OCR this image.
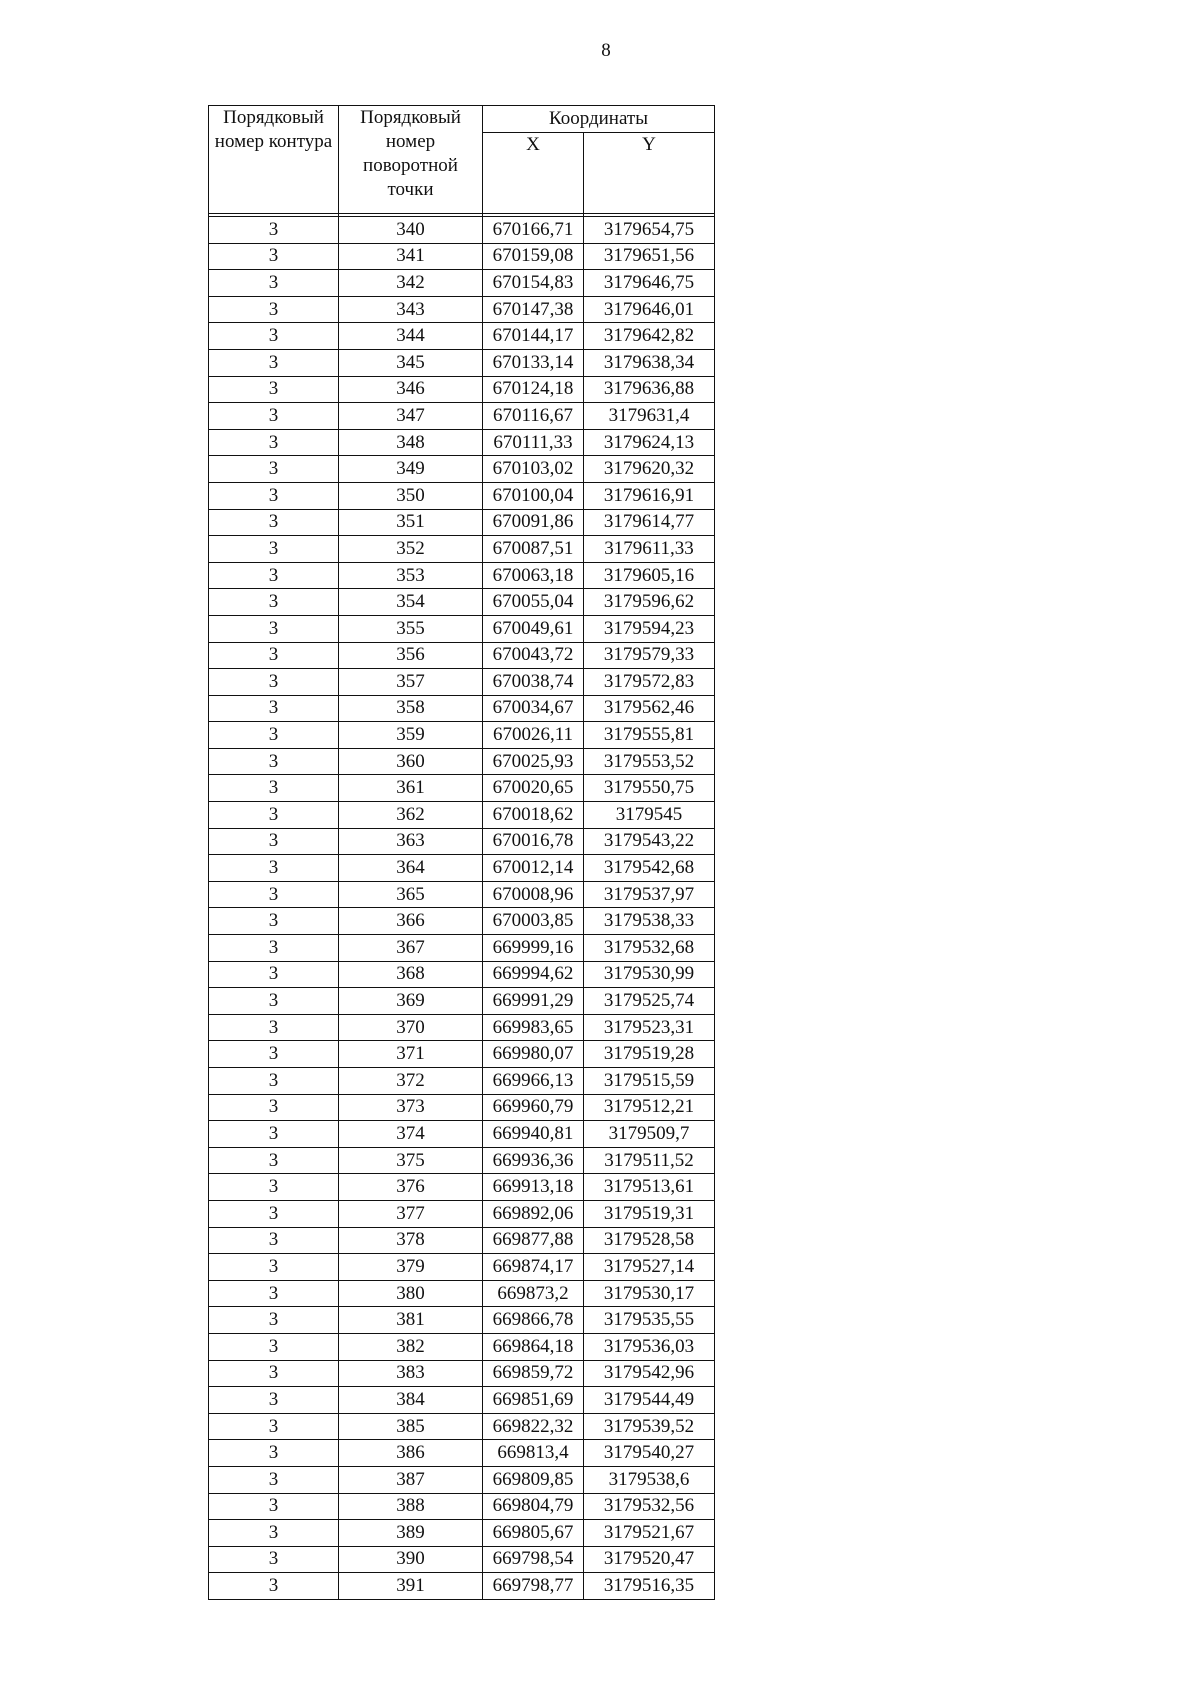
8
Порядковый номер контура	Порядковый номер поворотной точки	Координаты	
		X	Y

3	340	670166,71	3179654,75
3	341	670159,08	3179651,56
3	342	670154,83	3179646,75
3	343	670147,38	3179646,01
3	344	670144,17	3179642,82
3	345	670133,14	3179638,34
3	346	670124,18	3179636,88
3	347	670116,67	3179631,4
3	348	670111,33	3179624,13
3	349	670103,02	3179620,32
3	350	670100,04	3179616,91
3	351	670091,86	3179614,77
3	352	670087,51	3179611,33
3	353	670063,18	3179605,16
3	354	670055,04	3179596,62
3	355	670049,61	3179594,23
3	356	670043,72	3179579,33
3	357	670038,74	3179572,83
3	358	670034,67	3179562,46
3	359	670026,11	3179555,81
3	360	670025,93	3179553,52
3	361	670020,65	3179550,75
3	362	670018,62	3179545
3	363	670016,78	3179543,22
3	364	670012,14	3179542,68
3	365	670008,96	3179537,97
3	366	670003,85	3179538,33
3	367	669999,16	3179532,68
3	368	669994,62	3179530,99
3	369	669991,29	3179525,74
3	370	669983,65	3179523,31
3	371	669980,07	3179519,28
3	372	669966,13	3179515,59
3	373	669960,79	3179512,21
3	374	669940,81	3179509,7
3	375	669936,36	3179511,52
3	376	669913,18	3179513,61
3	377	669892,06	3179519,31
3	378	669877,88	3179528,58
3	379	669874,17	3179527,14
3	380	669873,2	3179530,17
3	381	669866,78	3179535,55
3	382	669864,18	3179536,03
3	383	669859,72	3179542,96
3	384	669851,69	3179544,49
3	385	669822,32	3179539,52
3	386	669813,4	3179540,27
3	387	669809,85	3179538,6
3	388	669804,79	3179532,56
3	389	669805,67	3179521,67
3	390	669798,54	3179520,47
3	391	669798,77	3179516,35
